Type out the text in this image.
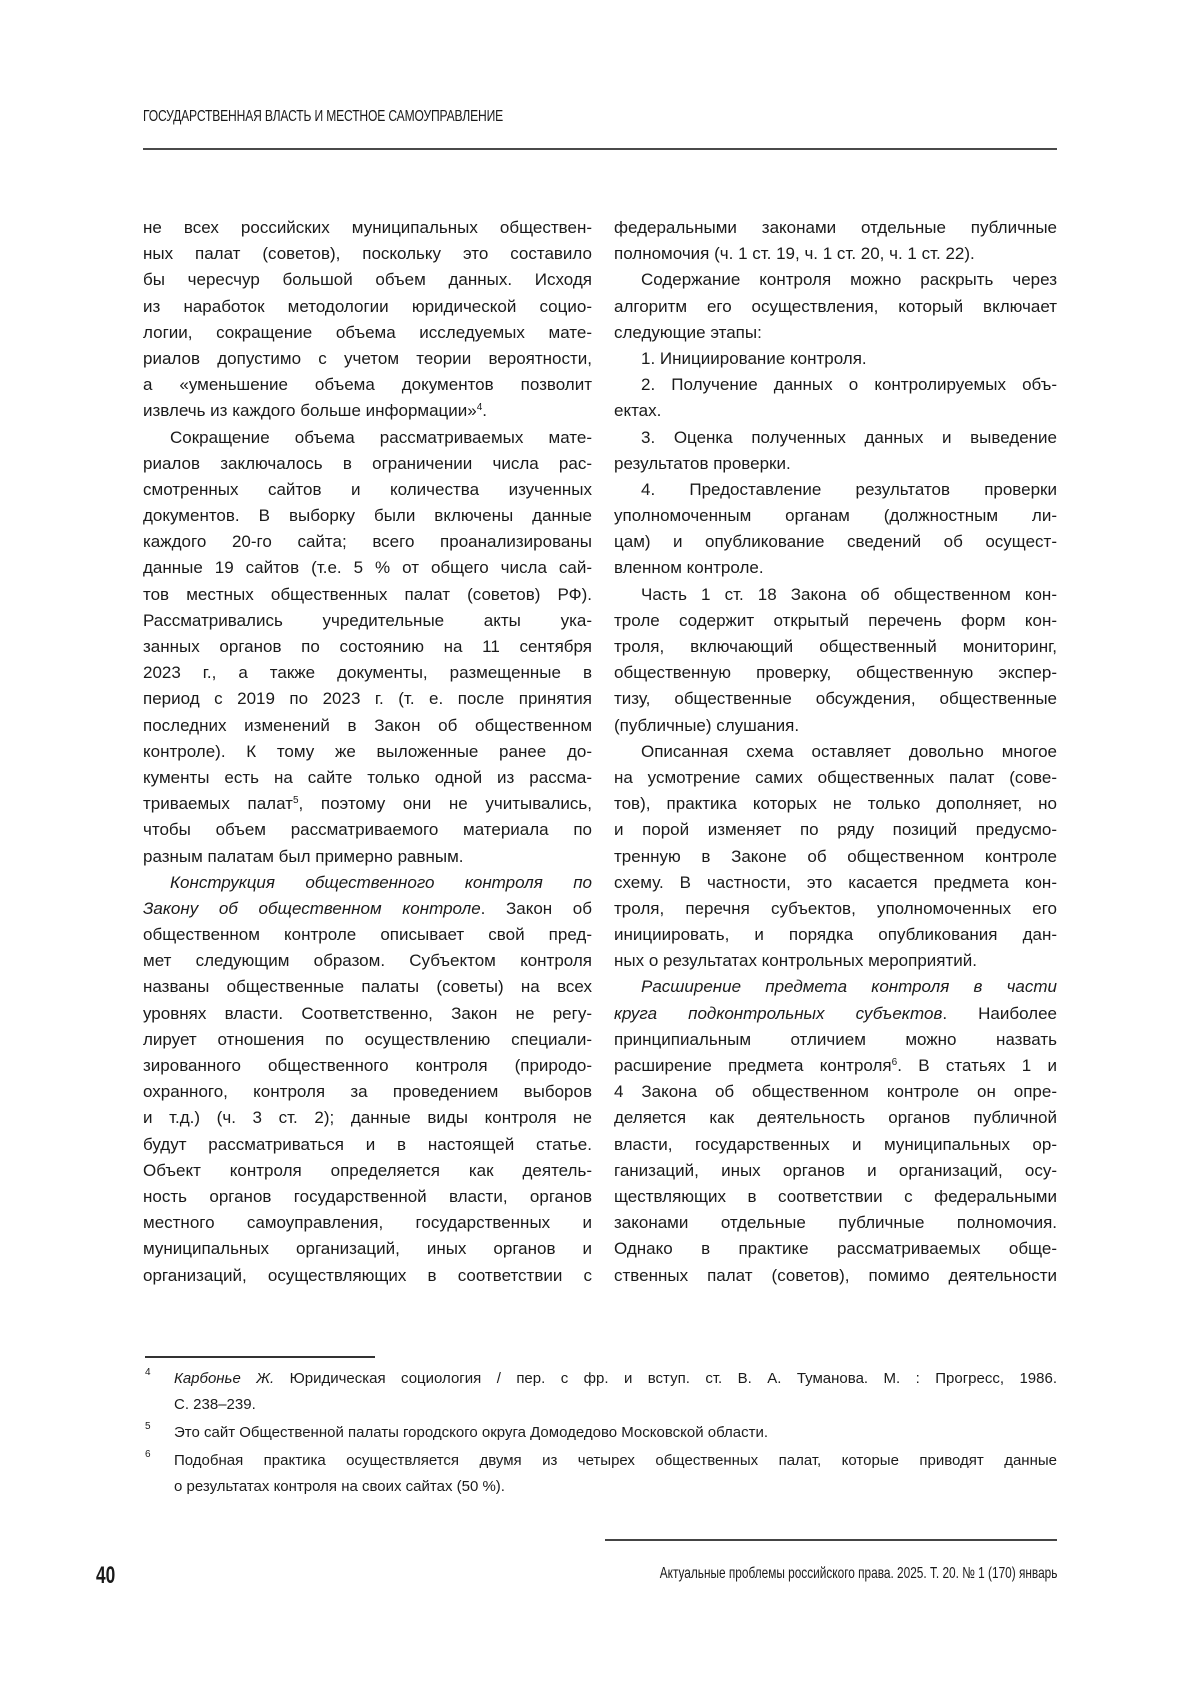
ГОСУДАРСТВЕННАЯ ВЛАСТЬ И МЕСТНОЕ САМОУПРАВЛЕНИЕ
не всех российских муниципальных обществен-
ных палат (советов), поскольку это составило
бы чересчур большой объем данных. Исходя
из наработок методологии юридической социо-
логии, сокращение объема исследуемых мате-
риалов допустимо с учетом теории вероятности,
а «уменьшение объема документов позволит
извлечь из каждого больше информации»4.
Сокращение объема рассматриваемых мате-
риалов заключалось в ограничении числа рас-
смотренных сайтов и количества изученных
документов. В выборку были включены данные
каждого 20-го сайта; всего проанализированы
данные 19 сайтов (т.е. 5 % от общего числа сай-
тов местных общественных палат (советов) РФ).
Рассматривались учредительные акты ука-
занных органов по состоянию на 11 сентября
2023 г., а также документы, размещенные в
период с 2019 по 2023 г. (т. е. после принятия
последних изменений в Закон об общественном
контроле). К тому же выложенные ранее до-
кументы есть на сайте только одной из рассма-
триваемых палат5, поэтому они не учитывались,
чтобы объем рассматриваемого материала по
разным палатам был примерно равным.
Конструкция общественного контроля по
Закону об общественном контроле. Закон об
общественном контроле описывает свой пред-
мет следующим образом. Субъектом контроля
названы общественные палаты (советы) на всех
уровнях власти. Соответственно, Закон не регу-
лирует отношения по осуществлению специали-
зированного общественного контроля (природо-
охранного, контроля за проведением выборов
и т.д.) (ч. 3 ст. 2); данные виды контроля не
будут рассматриваться и в настоящей статье.
Объект контроля определяется как деятель-
ность органов государственной власти, органов
местного самоуправления, государственных и
муниципальных организаций, иных органов и
организаций, осуществляющих в соответствии с
федеральными законами отдельные публичные
полномочия (ч. 1 ст. 19, ч. 1 ст. 20, ч. 1 ст. 22).
Содержание контроля можно раскрыть через
алгоритм его осуществления, который включает
следующие этапы:
1. Инициирование контроля.
2. Получение данных о контролируемых объ-
ектах.
3. Оценка полученных данных и выведение
результатов проверки.
4. Предоставление результатов проверки
уполномоченным органам (должностным ли-
цам) и опубликование сведений об осущест-
вленном контроле.
Часть 1 ст. 18 Закона об общественном кон-
троле содержит открытый перечень форм кон-
троля, включающий общественный мониторинг,
общественную проверку, общественную экспер-
тизу, общественные обсуждения, общественные
(публичные) слушания.
Описанная схема оставляет довольно многое
на усмотрение самих общественных палат (сове-
тов), практика которых не только дополняет, но
и порой изменяет по ряду позиций предусмо-
тренную в Законе об общественном контроле
схему. В частности, это касается предмета кон-
троля, перечня субъектов, уполномоченных его
инициировать, и порядка опубликования дан-
ных о результатах контрольных мероприятий.
Расширение предмета контроля в части
круга подконтрольных субъектов. Наиболее
принципиальным отличием можно назвать
расширение предмета контроля6. В статьях 1 и
4 Закона об общественном контроле он опре-
деляется как деятельность органов публичной
власти, государственных и муниципальных ор-
ганизаций, иных органов и организаций, осу-
ществляющих в соответствии с федеральными
законами отдельные публичные полномочия.
Однако в практике рассматриваемых обще-
ственных палат (советов), помимо деятельности
4 Карбонье Ж. Юридическая социология / пер. с фр. и вступ. ст. В. А. Туманова. М. : Прогресс, 1986.
С. 238–239.
5 Это сайт Общественной палаты городского округа Домодедово Московской области.
6 Подобная практика осуществляется двумя из четырех общественных палат, которые приводят данные
о результатах контроля на своих сайтах (50 %).
40	Актуальные проблемы российского права. 2025. Т. 20. № 1 (170) январь
